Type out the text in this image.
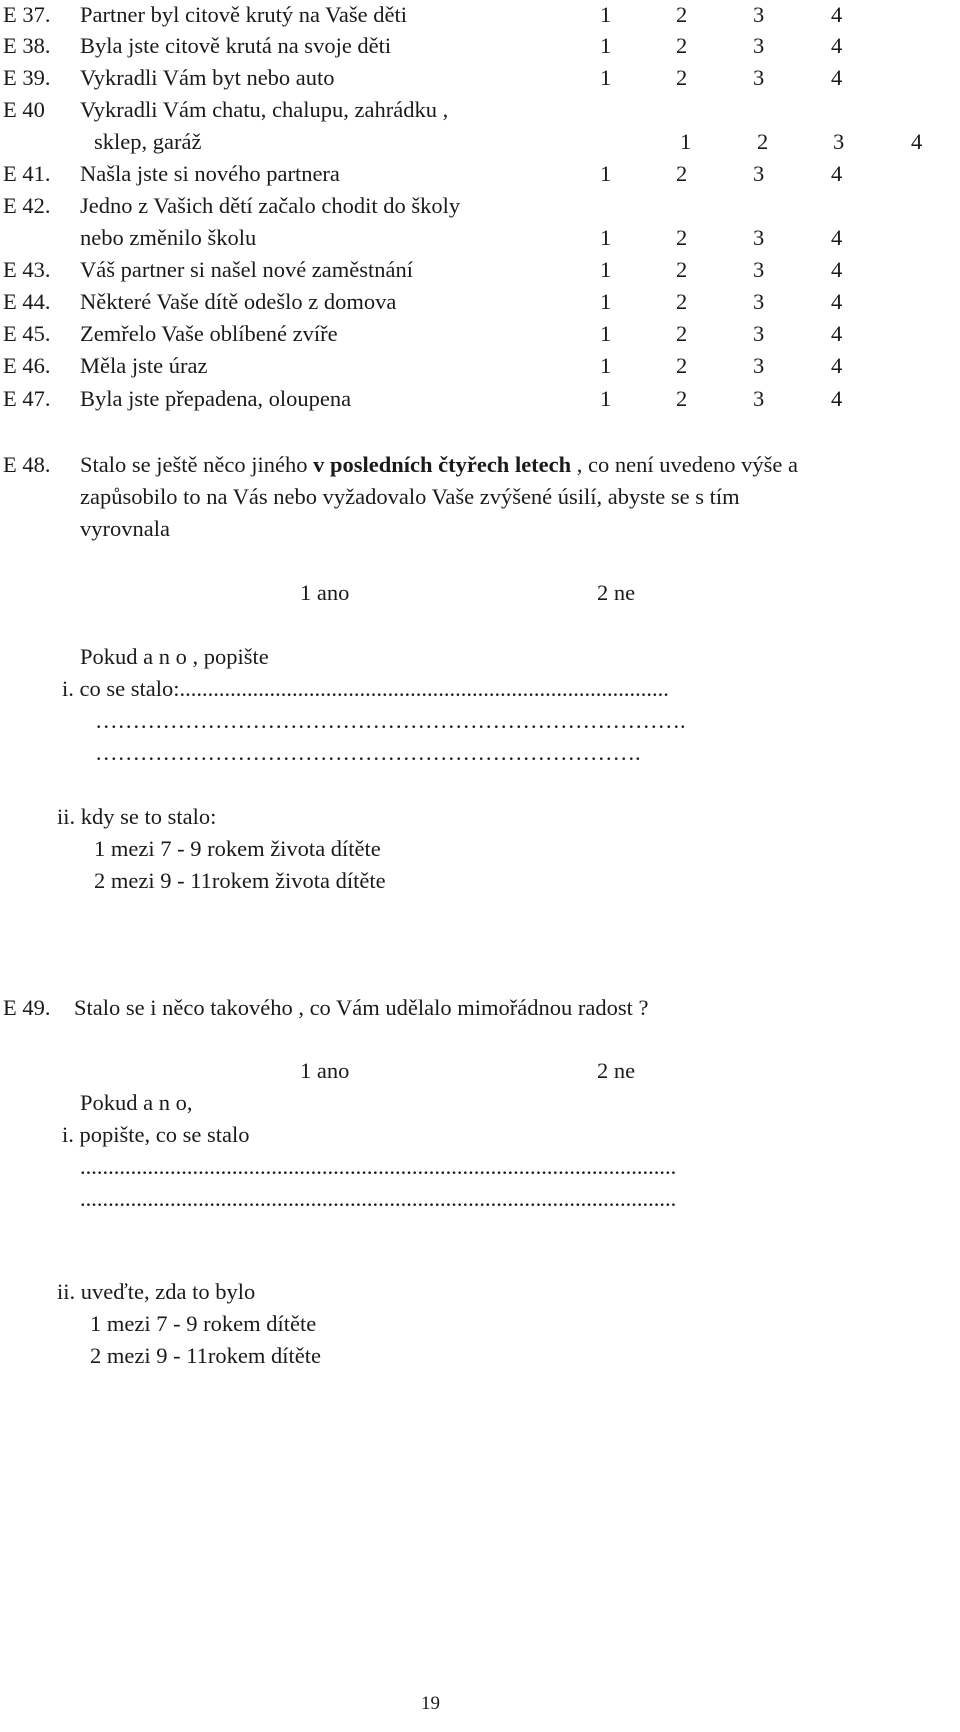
E 37. Partner byl citově krutý na Vaše děti	1	2	3	4
E 38. Byla jste citově krutá na svoje děti	1	2	3	4
E 39. Vykradli Vám byt nebo auto	1	2	3	4
E 40 Vykradli Vám chatu, chalupu, zahrádku ,
sklep, garáž	1	2	3	4
E 41. Našla jste si nového partnera	1	2	3	4
E 42. Jedno z Vašich dětí začalo chodit do školy
nebo změnilo školu	1	2	3	4
E 43. Váš partner si našel nové zaměstnání	1	2	3	4
E 44. Některé Vaše dítě odešlo z domova	1	2	3	4
E 45. Zemřelo Vaše oblíbené zvíře	1	2	3	4
E 46. Měla jste úraz	1	2	3	4
E 47. Byla jste přepadena, oloupena	1	2	3	4
E 48. Stalo se ještě něco jiného v posledních čtyřech letech , co není uvedeno výše a
zapůsobilo to na Vás nebo vyžadovalo Vaše zvýšené úsilí, abyste se s tím
vyrovnala
1 ano	2 ne
Pokud a n o , popište
i. co se stalo:.......................................................................................
…………………………………………………………………….
……………………………………………………………….
ii. kdy se to stalo:
1 mezi 7 - 9 rokem života dítěte
2 mezi 9 - 11rokem života dítěte
E 49. Stalo se i něco takového , co Vám udělalo mimořádnou radost ?
1 ano	2 ne
Pokud a n o,
i. popište, co se stalo
..........................................................................................................
..........................................................................................................
ii. uveďte, zda to bylo
1 mezi 7 - 9 rokem dítěte
2 mezi 9 - 11rokem dítěte
19
